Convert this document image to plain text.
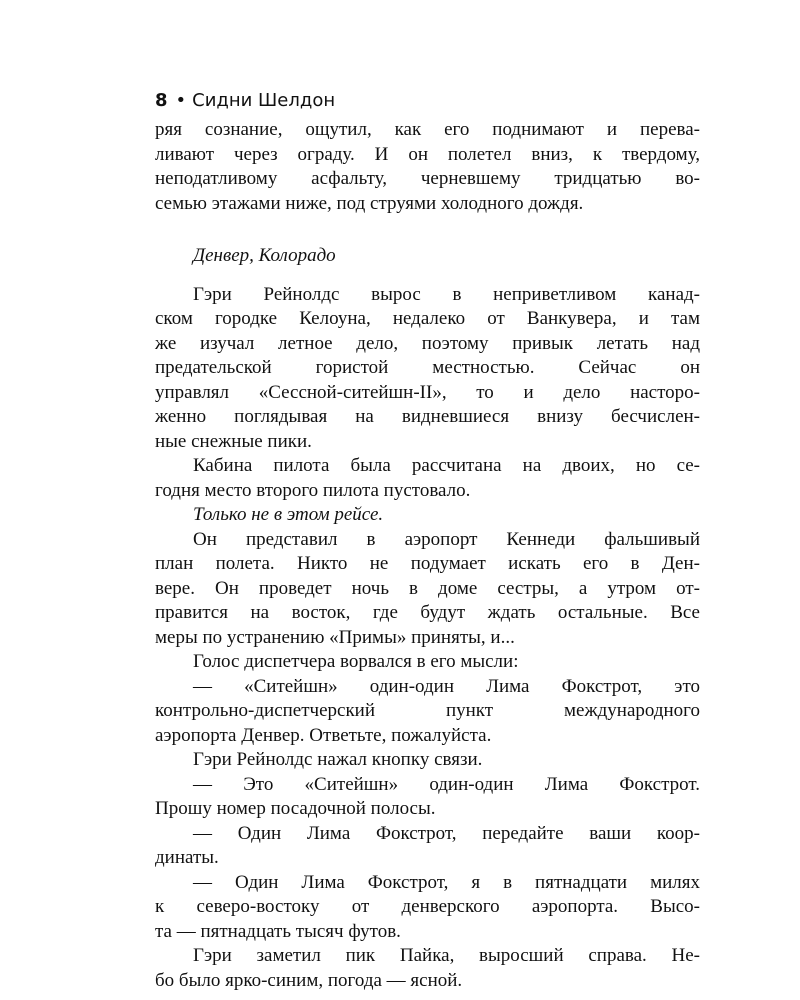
8 • Сидни Шелдон

ряя сознание, ощутил, как его поднимают и перева-
ливают через ограду. И он полетел вниз, к твердому,
неподатливому асфальту, черневшему тридцатью во-
семью этажами ниже, под струями холодного дождя.

Денвер, Колорадо

Гэри Рейнолдс вырос в неприветливом канад-
ском городке Келоуна, недалеко от Ванкувера, и там
же изучал летное дело, поэтому привык летать над
предательской гористой местностью. Сейчас он
управлял «Сессной-ситейшн-II», то и дело насторо-
женно поглядывая на видневшиеся внизу бесчислен-
ные снежные пики.

Кабина пилота была рассчитана на двоих, но се-
годня место второго пилота пустовало.

Только не в этом рейсе.

Он представил в аэропорт Кеннеди фальшивый
план полета. Никто не подумает искать его в Ден-
вере. Он проведет ночь в доме сестры, а утром от-
правится на восток, где будут ждать остальные. Все
меры по устранению «Примы» приняты, и...

Голос диспетчера ворвался в его мысли:

— «Ситейшн» один-один Лима Фокстрот, это
контрольно-диспетчерский пункт международного
аэропорта Денвер. Ответьте, пожалуйста.

Гэри Рейнолдс нажал кнопку связи.

— Это «Ситейшн» один-один Лима Фокстрот.
Прошу номер посадочной полосы.

— Один Лима Фокстрот, передайте ваши коор-
динаты.

— Один Лима Фокстрот, я в пятнадцати милях
к северо-востоку от денверского аэропорта. Высо-
та — пятнадцать тысяч футов.

Гэри заметил пик Пайка, выросший справа. Не-
бо было ярко-синим, погода — ясной.
